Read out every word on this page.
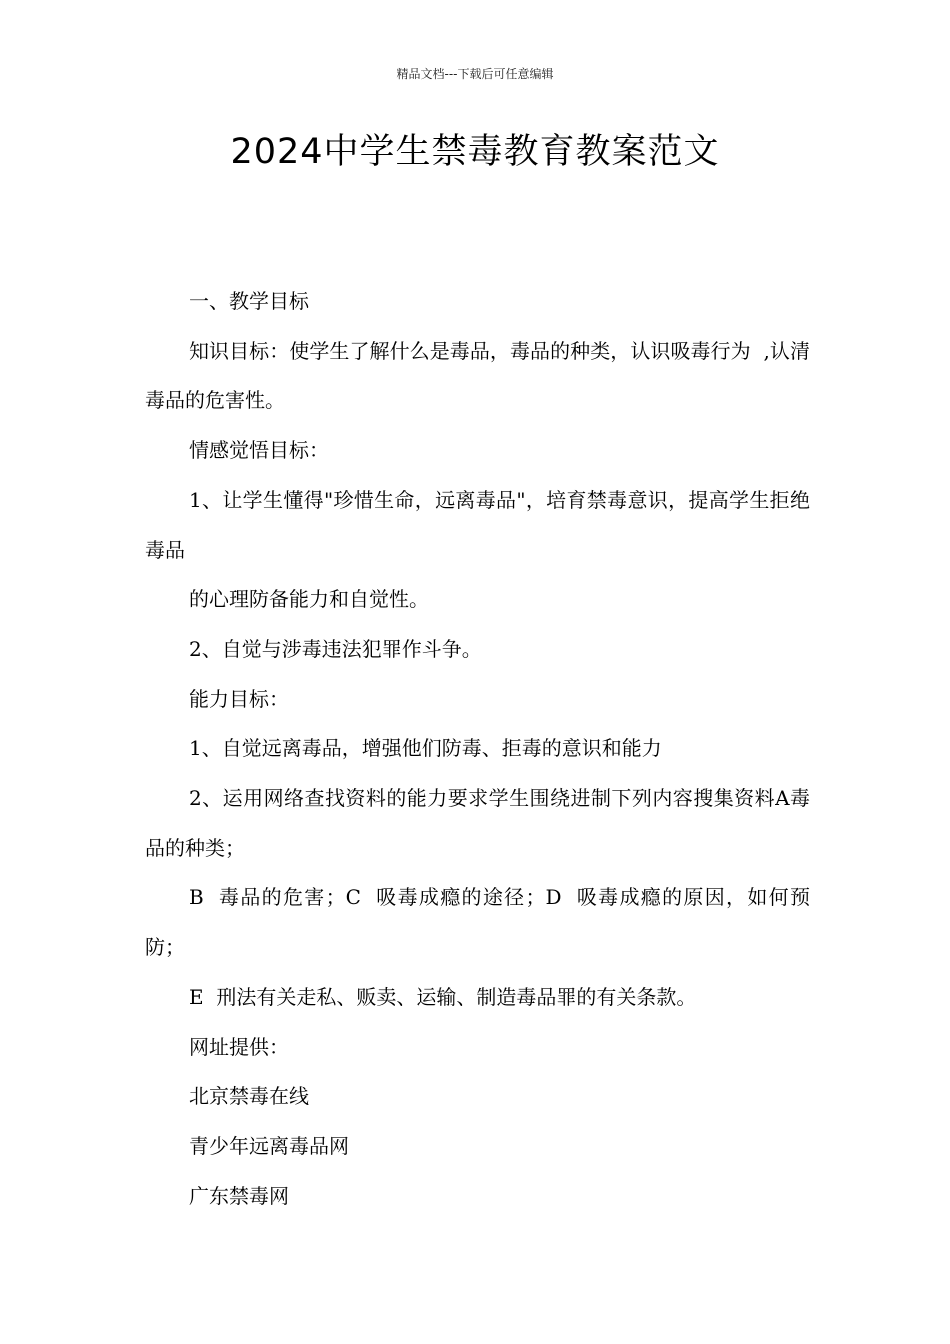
精品文档---下载后可任意编辑
2024中学生禁毒教育教案范文

一、教学目标

知识目标：使学生了解什么是毒品，毒品的种类，认识吸毒行为  ,认清毒品的危害性。

情感觉悟目标：

1、让学生懂得"珍惜生命，远离毒品"，培育禁毒意识，提高学生拒绝毒品

的心理防备能力和自觉性。

2、自觉与涉毒违法犯罪作斗争。

能力目标：

1、自觉远离毒品，增强他们防毒、拒毒的意识和能力

2、运用网络查找资料的能力要求学生围绕进制下列内容搜集资料A毒品的种类；

B  毒品的危害；C  吸毒成瘾的途径；D  吸毒成瘾的原因，如何预防；

E  刑法有关走私、贩卖、运输、制造毒品罪的有关条款。

网址提供：

北京禁毒在线

青少年远离毒品网

广东禁毒网
